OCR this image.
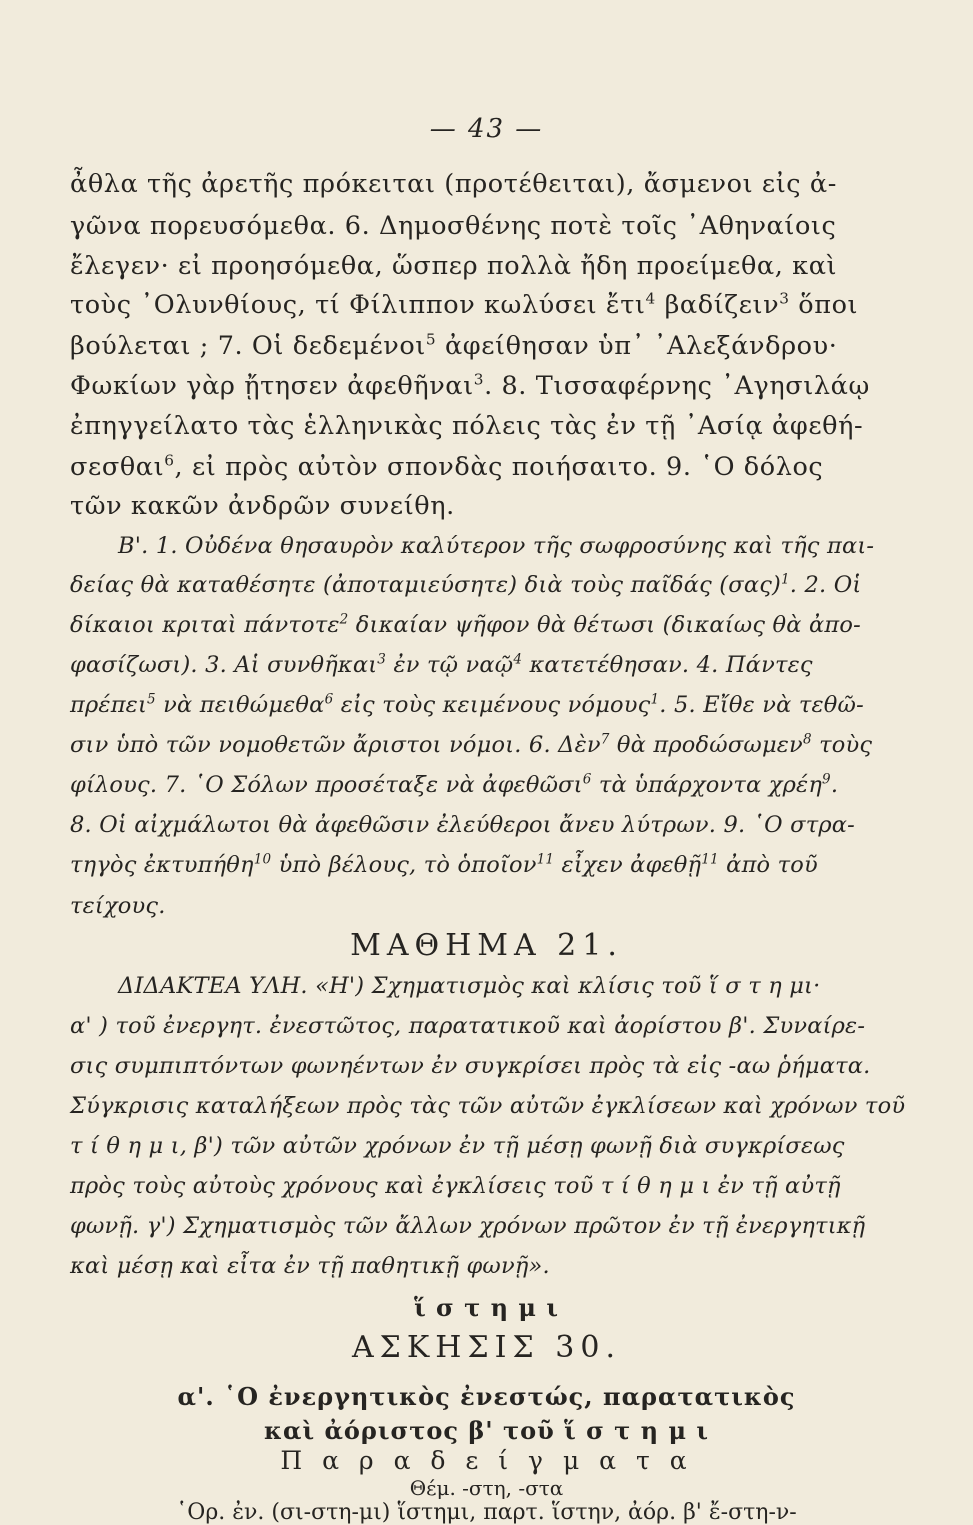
— 43 —
ἆθλα τῆς ἀρετῆς πρόκειται (προτέθειται), ἄσμενοι εἰς ἀ-
γῶνα πορευσόμεθα. 6. Δημοσθένης ποτὲ τοῖς ᾿Αθηναίοις
ἔλεγεν· εἰ προησόμεθα, ὥσπερ πολλὰ ἤδη προείμεθα, καὶ
τοὺς ᾿Ολυνθίους, τί Φίλιππον κωλύσει ἔτι$^4$ βαδίζειν$^3$ ὅποι
βούλεται ; 7. Οἱ δεδεμένοι$^5$ ἀφείθησαν ὑπ᾿ ᾿Αλεξάνδρου·
Φωκίων γὰρ ᾔτησεν ἀφεθῆναι$^3$. 8. Τισσαφέρνης ᾿Αγησιλάῳ
ἐπηγγείλατο τὰς ἑλληνικὰς πόλεις τὰς ἐν τῇ ᾿Ασίᾳ ἀφεθή-
σεσθαι$^6$, εἰ πρὸς αὐτὸν σπονδὰς ποιήσαιτο. 9. ῾Ο δόλος
τῶν κακῶν ἀνδρῶν συνείθη.
Β'. 1. Οὐδένα θησαυρὸν καλύτερον τῆς σωφροσύνης καὶ τῆς παι-
δείας θὰ καταθέσητε (ἀποταμιεύσητε) διὰ τοὺς παῖδάς $(\sigma\alpha\varsigma)^1$. 2. Οἱ
δίκαιοι κριταὶ πάντοτε$^2$ δικαίαν ψῆφον θὰ θέτωσι (δικαίως θὰ ἀπο-
φασίζωσι). 3. Αἱ συνθῆκαι$^3$ ἐν τῷ ναῷ$^4$ κατετέθησαν. 4. Πάντες
πρέπει$^5$ νὰ πειθώμεθα$^6$ εἰς τοὺς κειμένους νόμους$^1$. 5. Εἴθε νὰ τεθῶ-
σιν ὑπὸ τῶν νομοθετῶν ἄριστοι νόμοι. 6. Δὲν$^7$ θὰ προδώσωμεν$^8$ τοὺς
φίλους. 7. ῾Ο Σόλων προσέταξε νὰ ἀφεθῶσι$^6$ τὰ ὑπάρχοντα χρέη$^9$.
8. Οἱ αἰχμάλωτοι θὰ ἀφεθῶσιν ἐλεύθεροι ἄνευ λύτρων. 9. ῾Ο στρα-
τηγὸς ἐκτυπήθη$^{10}$ ὑπὸ βέλους, τὸ ὁποῖον$^{11}$ εἶχεν ἀφεθῇ$^{11}$ ἀπὸ τοῦ
τείχους.
ΜΑΘΗΜΑ 21.
ΔΙΔΑΚΤΕΑ ΥΛΗ. «Η') Σχηματισμὸς καὶ κλίσις τοῦ ἵ σ τ η μι·
α' ) τοῦ ἐνεργητ. ἐνεστῶτος, παρατατικοῦ καὶ ἀορίστου β'. Συναίρε-
σις συμπιπτόντων φωνηέντων ἐν συγκρίσει πρὸς τὰ εἰς -αω ῥήματα.
Σύγκρισις καταλήξεων πρὸς τὰς τῶν αὐτῶν ἐγκλίσεων καὶ χρόνων τοῦ
τ ί θ η μ ι, β') τῶν αὐτῶν χρόνων ἐν τῇ μέσῃ φωνῇ διὰ συγκρίσεως
πρὸς τοὺς αὐτοὺς χρόνους καὶ ἐγκλίσεις τοῦ τ ί θ η μ ι ἐν τῇ αὐτῇ
φωνῇ. γ') Σχηματισμὸς τῶν ἄλλων χρόνων πρῶτον ἐν τῇ ἐνεργητικῇ
καὶ μέσῃ καὶ εἶτα ἐν τῇ παθητικῇ φωνῇ».
ἵ σ τ η μ ι
ΑΣΚΗΣΙΣ 30.
α'. ῾Ο ἐνεργητικὸς ἐνεστώς, παρατατικὸς
καὶ ἀόριστος β' τοῦ ἵ σ τ η μ ι
Π α ρ α δ ε ί γ μ α τ α
Θέμ. -στη, -στα
῾Ορ. ἐν. (σι-στη-μι) ἵστημι, παρτ. ἵστην, ἀόρ. β' ἔ-στη-ν-
